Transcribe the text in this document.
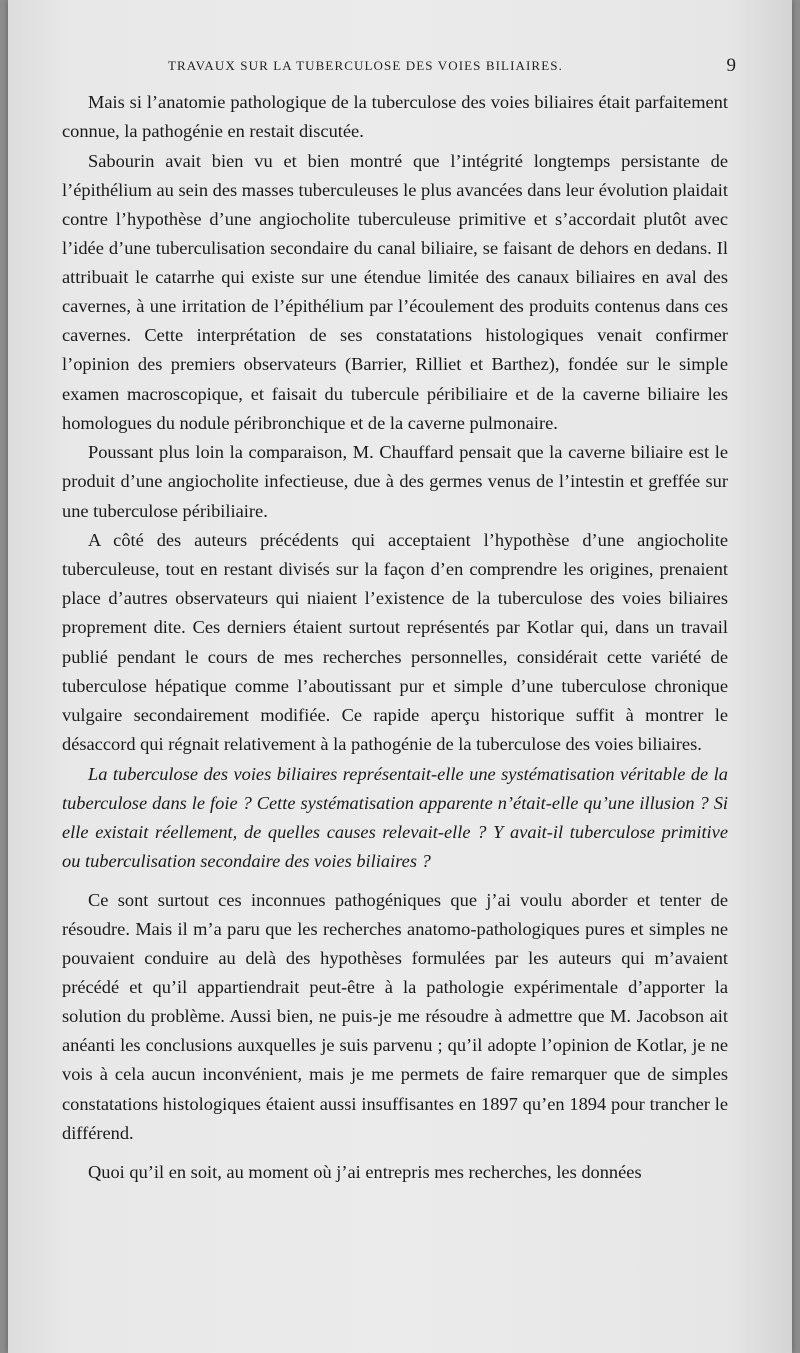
TRAVAUX SUR LA TUBERCULOSE DES VOIES BILIAIRES.	9

Mais si l’anatomie pathologique de la tuberculose des voies biliaires était parfaitement connue, la pathogénie en restait discutée.

Sabourin avait bien vu et bien montré que l’intégrité longtemps persistante de l’épithélium au sein des masses tuberculeuses le plus avancées dans leur évolution plaidait contre l’hypothèse d’une angiocholite tuberculeuse primitive et s’accordait plutôt avec l’idée d’une tuberculisation secondaire du canal biliaire, se faisant de dehors en dedans. Il attribuait le catarrhe qui existe sur une étendue limitée des canaux biliaires en aval des cavernes, à une irritation de l’épithélium par l’écoulement des produits contenus dans ces cavernes. Cette interprétation de ses constatations histologiques venait confirmer l’opinion des premiers observateurs (Barrier, Rilliet et Barthez), fondée sur le simple examen macroscopique, et faisait du tubercule péribiliaire et de la caverne biliaire les homologues du nodule péribronchique et de la caverne pulmonaire.

Poussant plus loin la comparaison, M. Chauffard pensait que la caverne biliaire est le produit d’une angiocholite infectieuse, due à des germes venus de l’intestin et greffée sur une tuberculose péribiliaire.

A côté des auteurs précédents qui acceptaient l’hypothèse d’une angiocholite tuberculeuse, tout en restant divisés sur la façon d’en comprendre les origines, prenaient place d’autres observateurs qui niaient l’existence de la tuberculose des voies biliaires proprement dite. Ces derniers étaient surtout représentés par Kotlar qui, dans un travail publié pendant le cours de mes recherches personnelles, considérait cette variété de tuberculose hépatique comme l’aboutissant pur et simple d’une tuberculose chronique vulgaire secondairement modifiée. Ce rapide aperçu historique suffit à montrer le désaccord qui régnait relativement à la pathogénie de la tuberculose des voies biliaires.

La tuberculose des voies biliaires représentait-elle une systématisation véritable de la tuberculose dans le foie ? Cette systématisation apparente n’était-elle qu’une illusion ? Si elle existait réellement, de quelles causes relevait-elle ? Y avait-il tuberculose primitive ou tuberculisation secondaire des voies biliaires ?

Ce sont surtout ces inconnues pathogéniques que j’ai voulu aborder et tenter de résoudre. Mais il m’a paru que les recherches anatomo-pathologiques pures et simples ne pouvaient conduire au delà des hypothèses formulées par les auteurs qui m’avaient précédé et qu’il appartiendrait peut-être à la pathologie expérimentale d’apporter la solution du problème. Aussi bien, ne puis-je me résoudre à admettre que M. Jacobson ait anéanti les conclusions auxquelles je suis parvenu ; qu’il adopte l’opinion de Kotlar, je ne vois à cela aucun inconvénient, mais je me permets de faire remarquer que de simples constatations histologiques étaient aussi insuffisantes en 1897 qu’en 1894 pour trancher le différend.

Quoi qu’il en soit, au moment où j’ai entrepris mes recherches, les données
